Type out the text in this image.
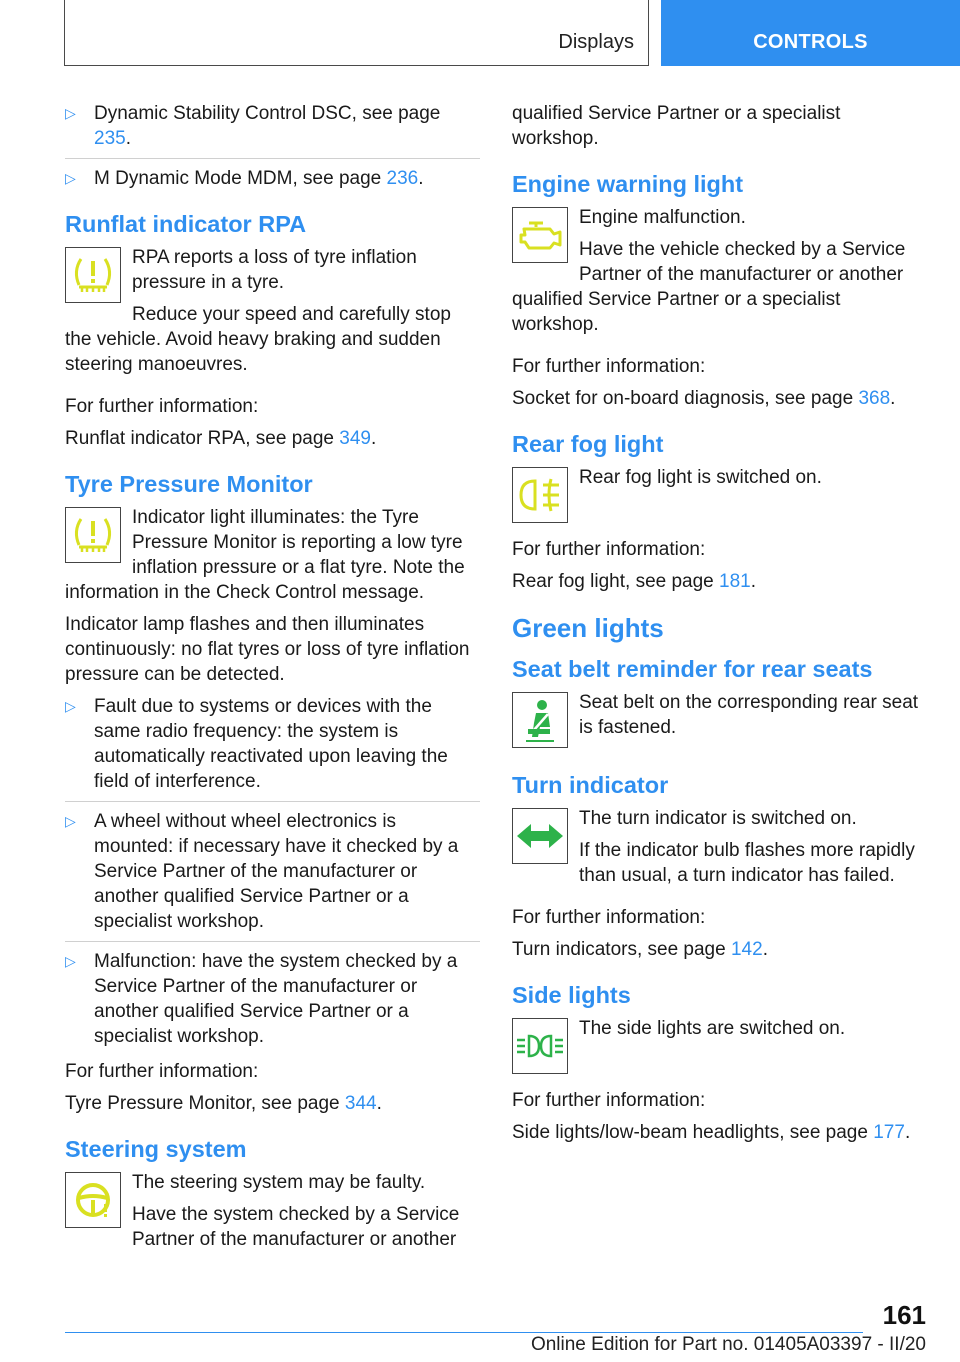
Displays	CONTROLS
▷ Dynamic Stability Control DSC, see page 235.
▷ M Dynamic Mode MDM, see page 236.
Runflat indicator RPA

RPA reports a loss of tyre inflation pressure in a tyre.

Reduce your speed and carefully stop the vehicle. Avoid heavy braking and sudden steering manoeuvres.

For further information:

Runflat indicator RPA, see page 349.

Tyre Pressure Monitor

Indicator light illuminates: the Tyre Pressure Monitor is reporting a low tyre inflation pressure or a flat tyre. Note the information in the Check Control message.

Indicator lamp flashes and then illuminates continuously: no flat tyres or loss of tyre inflation pressure can be detected.

▷ Fault due to systems or devices with the same radio frequency: the system is automatically reactivated upon leaving the field of interference.
▷ A wheel without wheel electronics is mounted: if necessary have it checked by a Service Partner of the manufacturer or another qualified Service Partner or a specialist workshop.
▷ Malfunction: have the system checked by a Service Partner of the manufacturer or another qualified Service Partner or a specialist workshop.

For further information:

Tyre Pressure Monitor, see page 344.

Steering system

The steering system may be faulty.

Have the system checked by a Service Partner of the manufacturer or another

qualified Service Partner or a specialist workshop.

Engine warning light

Engine malfunction.

Have the vehicle checked by a Service Partner of the manufacturer or another qualified Service Partner or a specialist workshop.

For further information:

Socket for on-board diagnosis, see page 368.

Rear fog light

Rear fog light is switched on.

For further information:

Rear fog light, see page 181.

Green lights
Seat belt reminder for rear seats

Seat belt on the corresponding rear seat is fastened.

Turn indicator

The turn indicator is switched on.

If the indicator bulb flashes more rapidly than usual, a turn indicator has failed.

For further information:

Turn indicators, see page 142.

Side lights

The side lights are switched on.

For further information:

Side lights/low-beam headlights, see page 177.

161
Online Edition for Part no. 01405A03397 - II/20
